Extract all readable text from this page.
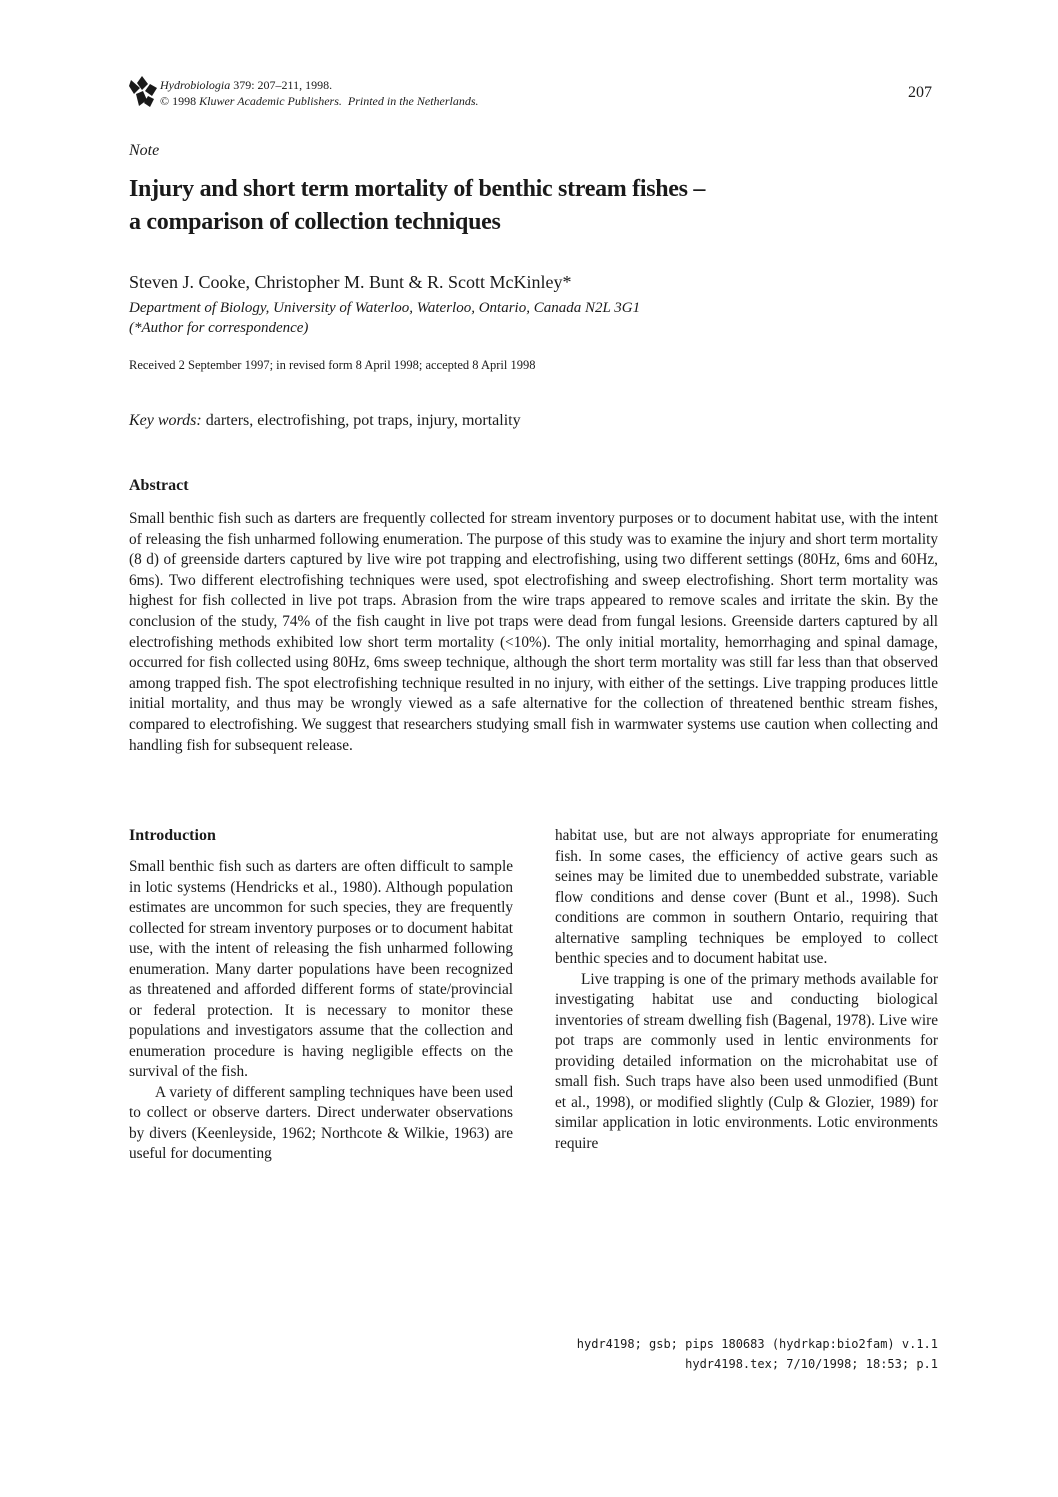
Hydrobiologia 379: 207–211, 1998.
© 1998 Kluwer Academic Publishers. Printed in the Netherlands.	207
Note
Injury and short term mortality of benthic stream fishes –
a comparison of collection techniques
Steven J. Cooke, Christopher M. Bunt & R. Scott McKinley*
Department of Biology, University of Waterloo, Waterloo, Ontario, Canada N2L 3G1
(*Author for correspondence)
Received 2 September 1997; in revised form 8 April 1998; accepted 8 April 1998
Key words: darters, electrofishing, pot traps, injury, mortality
Abstract
Small benthic fish such as darters are frequently collected for stream inventory purposes or to document habitat use, with the intent of releasing the fish unharmed following enumeration. The purpose of this study was to examine the injury and short term mortality (8 d) of greenside darters captured by live wire pot trapping and electrofishing, using two different settings (80Hz, 6ms and 60Hz, 6ms). Two different electrofishing techniques were used, spot electrofishing and sweep electrofishing. Short term mortality was highest for fish collected in live pot traps. Abrasion from the wire traps appeared to remove scales and irritate the skin. By the conclusion of the study, 74% of the fish caught in live pot traps were dead from fungal lesions. Greenside darters captured by all electrofishing methods exhibited low short term mortality (<10%). The only initial mortality, hemorrhaging and spinal damage, occurred for fish collected using 80Hz, 6ms sweep technique, although the short term mortality was still far less than that observed among trapped fish. The spot electrofishing technique resulted in no injury, with either of the settings. Live trapping produces little initial mortality, and thus may be wrongly viewed as a safe alternative for the collection of threatened benthic stream fishes, compared to electrofishing. We suggest that researchers studying small fish in warmwater systems use caution when collecting and handling fish for subsequent release.
Introduction

Small benthic fish such as darters are often difficult to sample in lotic systems (Hendricks et al., 1980). Although population estimates are uncommon for such species, they are frequently collected for stream inventory purposes or to document habitat use, with the intent of releasing the fish unharmed following enumeration. Many darter populations have been recognized as threatened and afforded different forms of state/provincial or federal protection. It is necessary to monitor these populations and investigators assume that the collection and enumeration procedure is having negligible effects on the survival of the fish.

A variety of different sampling techniques have been used to collect or observe darters. Direct underwater observations by divers (Keenleyside, 1962; Northcote & Wilkie, 1963) are useful for documenting

habitat use, but are not always appropriate for enumerating fish. In some cases, the efficiency of active gears such as seines may be limited due to unembedded substrate, variable flow conditions and dense cover (Bunt et al., 1998). Such conditions are common in southern Ontario, requiring that alternative sampling techniques be employed to collect benthic species and to document habitat use.

Live trapping is one of the primary methods available for investigating habitat use and conducting biological inventories of stream dwelling fish (Bagenal, 1978). Live wire pot traps are commonly used in lentic environments for providing detailed information on the microhabitat use of small fish. Such traps have also been used unmodified (Bunt et al., 1998), or modified slightly (Culp & Glozier, 1989) for similar application in lotic environments. Lotic environments require

hydr4198; gsb; pips 180683 (hydrkap:bio2fam) v.1.1
hydr4198.tex; 7/10/1998; 18:53; p.1
